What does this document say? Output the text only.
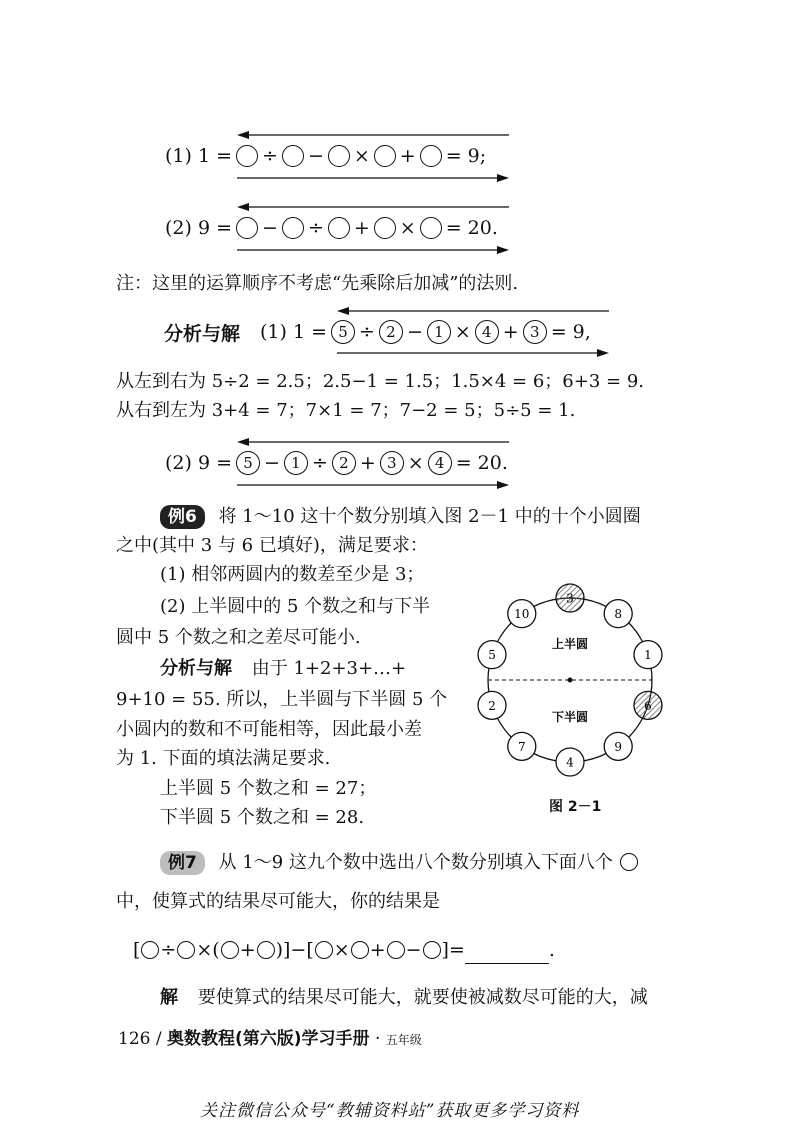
(1) 1 = ÷ − × + = 9;
(2) 9 = − ÷ + × = 20.
注：这里的运算顺序不考虑“先乘除后加减”的法则.
分析与解 (1) 1 = 5 ÷ 2 − 1 × 4 + 3 = 9,
从左到右为 5÷2 = 2.5；2.5−1 = 1.5；1.5×4 = 6；6+3 = 9.
从右到左为 3+4 = 7；7×1 = 7；7−2 = 5；5÷5 = 1.
(2) 9 = 5 − 1 ÷ 2 + 3 × 4 = 20.
例6 将 1～10 这十个数分别填入图 2－1 中的十个小圆圈
之中(其中 3 与 6 已填好)，满足要求：
(1) 相邻两圆内的数差至少是 3；
(2) 上半圆中的 5 个数之和与下半
圆中 5 个数之和之差尽可能小.
分析与解 由于 1+2+3+…+
9+10 = 55. 所以，上半圆与下半圆 5 个
小圆内的数和不可能相等，因此最小差
为 1. 下面的填法满足要求.
上半圆 5 个数之和 = 27；
下半圆 5 个数之和 = 28.
上半圆
下半圆
3
8
1
6
9
4
7
2
5
10
图 2－1
例7 从 1～9 这九个数中选出八个数分别填入下面八个
中，使算式的结果尽可能大，你的结果是
[ ÷ ×( + )]−[ × + − ]=	.
解 要使算式的结果尽可能大，就要使被减数尽可能的大，减
126 / 奥数教程(第六版)学习手册 · 五年级
关注微信公众号“教辅资料站”获取更多学习资料
